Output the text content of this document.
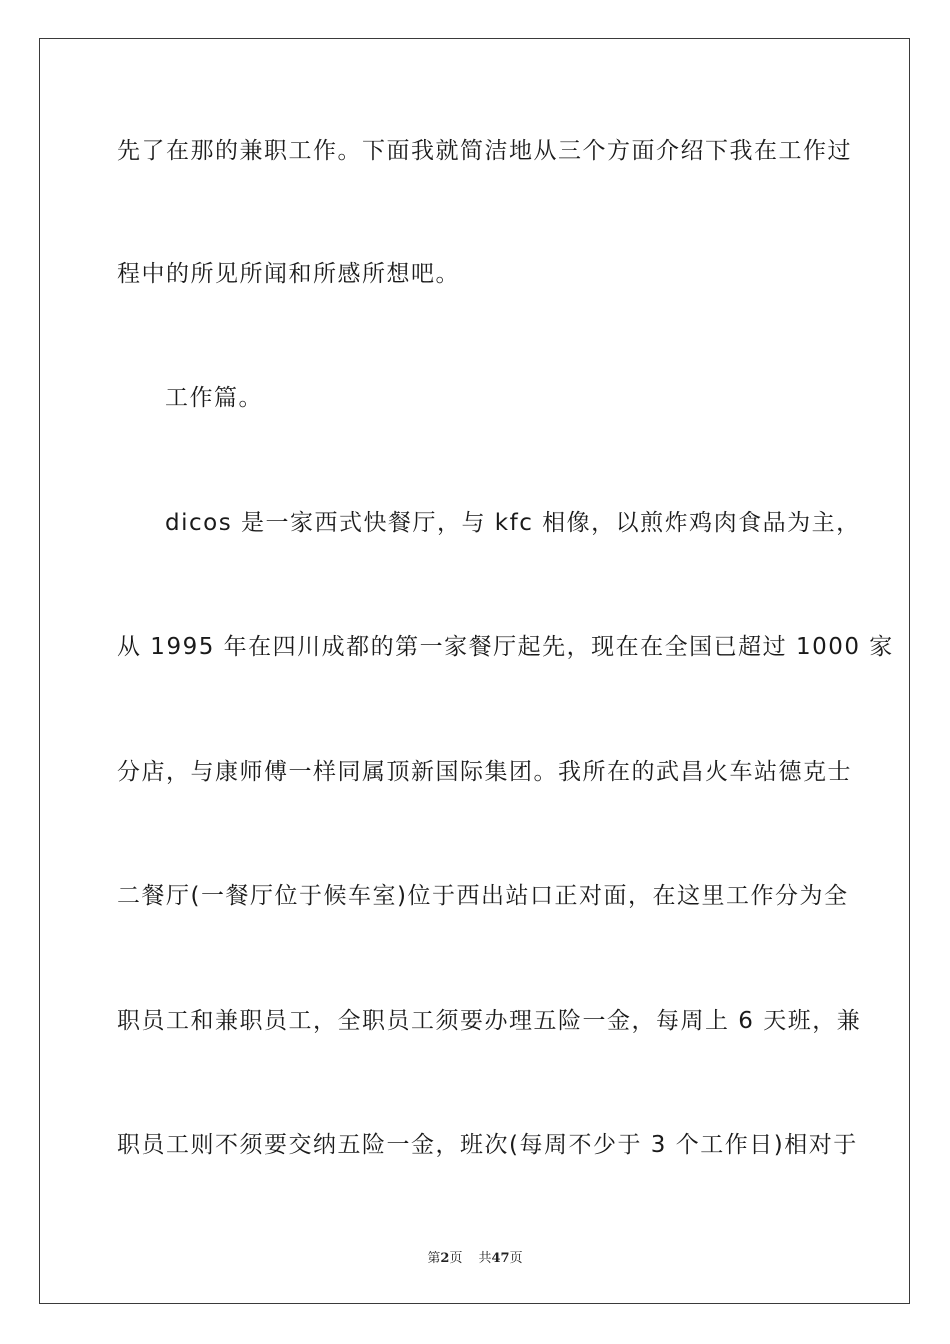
先了在那的兼职工作。下面我就简洁地从三个方面介绍下我在工作过
程中的所见所闻和所感所想吧。
工作篇。
dicos 是一家西式快餐厅，与 kfc 相像，以煎炸鸡肉食品为主，
从 1995 年在四川成都的第一家餐厅起先，现在在全国已超过 1000 家
分店，与康师傅一样同属顶新国际集团。我所在的武昌火车站德克士
二餐厅(一餐厅位于候车室)位于西出站口正对面，在这里工作分为全
职员工和兼职员工，全职员工须要办理五险一金，每周上 6 天班，兼
职员工则不须要交纳五险一金，班次(每周不少于 3 个工作日)相对于
第2页 共47页
